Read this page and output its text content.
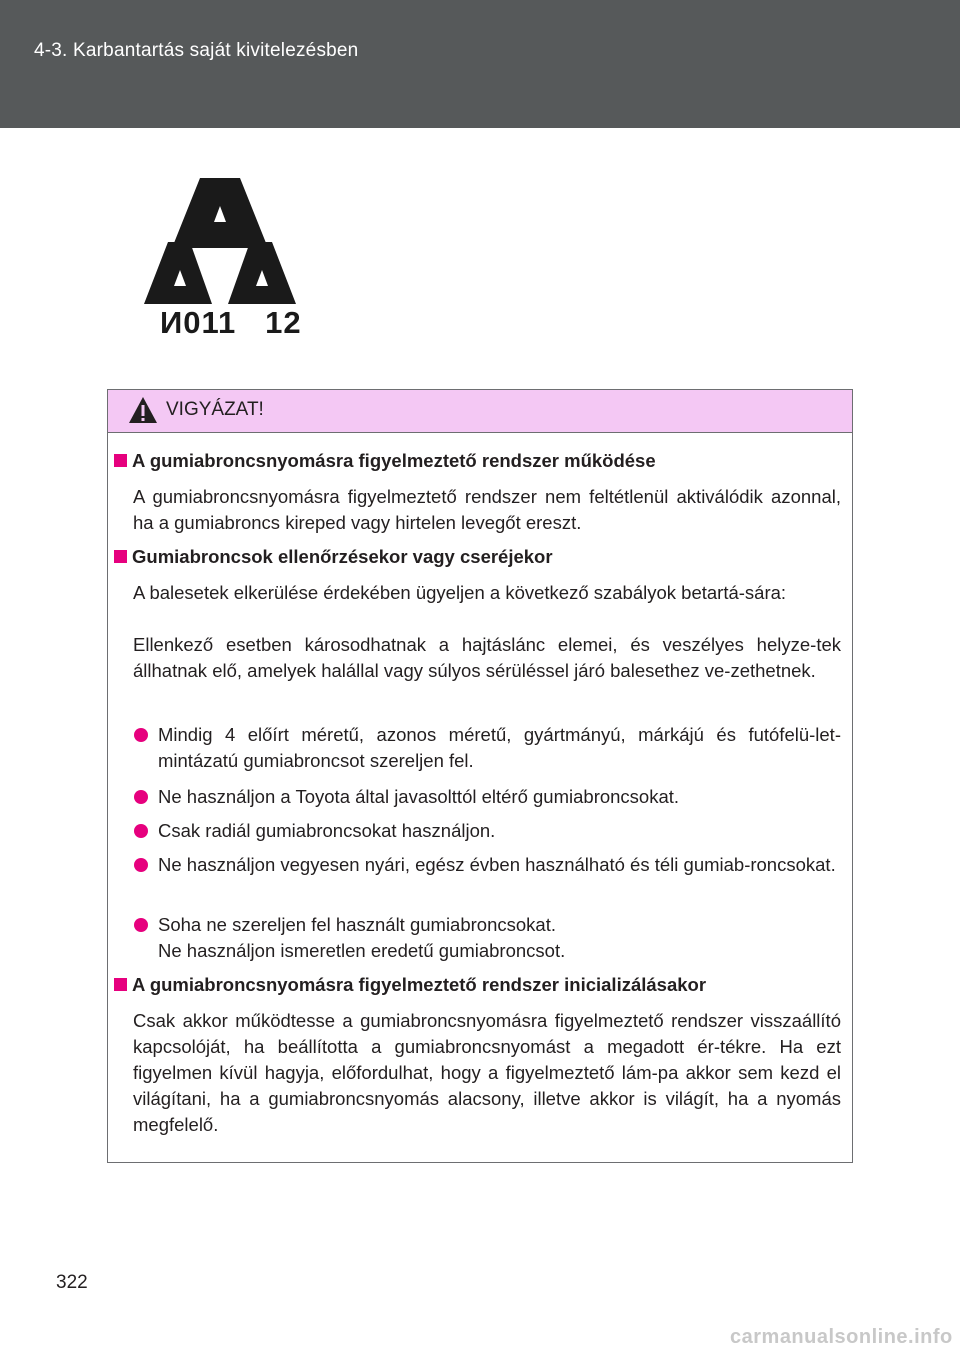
4-3. Karbantartás saját kivitelezésben
И011   12
VIGYÁZAT!
A gumiabroncsnyomásra figyelmeztető rendszer működése
A gumiabroncsnyomásra figyelmeztető rendszer nem feltétlenül aktiválódik azonnal, ha a gumiabroncs kireped vagy hirtelen levegőt ereszt.
Gumiabroncsok ellenőrzésekor vagy cseréjekor
A balesetek elkerülése érdekében ügyeljen a következő szabályok betartá-sára:
Ellenkező esetben károsodhatnak a hajtáslánc elemei, és veszélyes helyze-tek állhatnak elő, amelyek halállal vagy súlyos sérüléssel járó balesethez ve-zethetnek.
Mindig 4 előírt méretű, azonos méretű, gyártmányú, márkájú és futófelü-let-mintázatú gumiabroncsot szereljen fel.
Ne használjon a Toyota által javasolttól eltérő gumiabroncsokat.
Csak radiál gumiabroncsokat használjon.
Ne használjon vegyesen nyári, egész évben használható és téli gumiab-roncsokat.
Soha ne szereljen fel használt gumiabroncsokat.
Ne használjon ismeretlen eredetű gumiabroncsot.
A gumiabroncsnyomásra figyelmeztető rendszer inicializálásakor
Csak akkor működtesse a gumiabroncsnyomásra figyelmeztető rendszer visszaállító kapcsolóját, ha beállította a gumiabroncsnyomást a megadott ér-tékre. Ha ezt figyelmen kívül hagyja, előfordulhat, hogy a figyelmeztető lám-pa akkor sem kezd el világítani, ha a gumiabroncsnyomás alacsony, illetve akkor is világít, ha a nyomás megfelelő.
322
carmanualsonline.info
